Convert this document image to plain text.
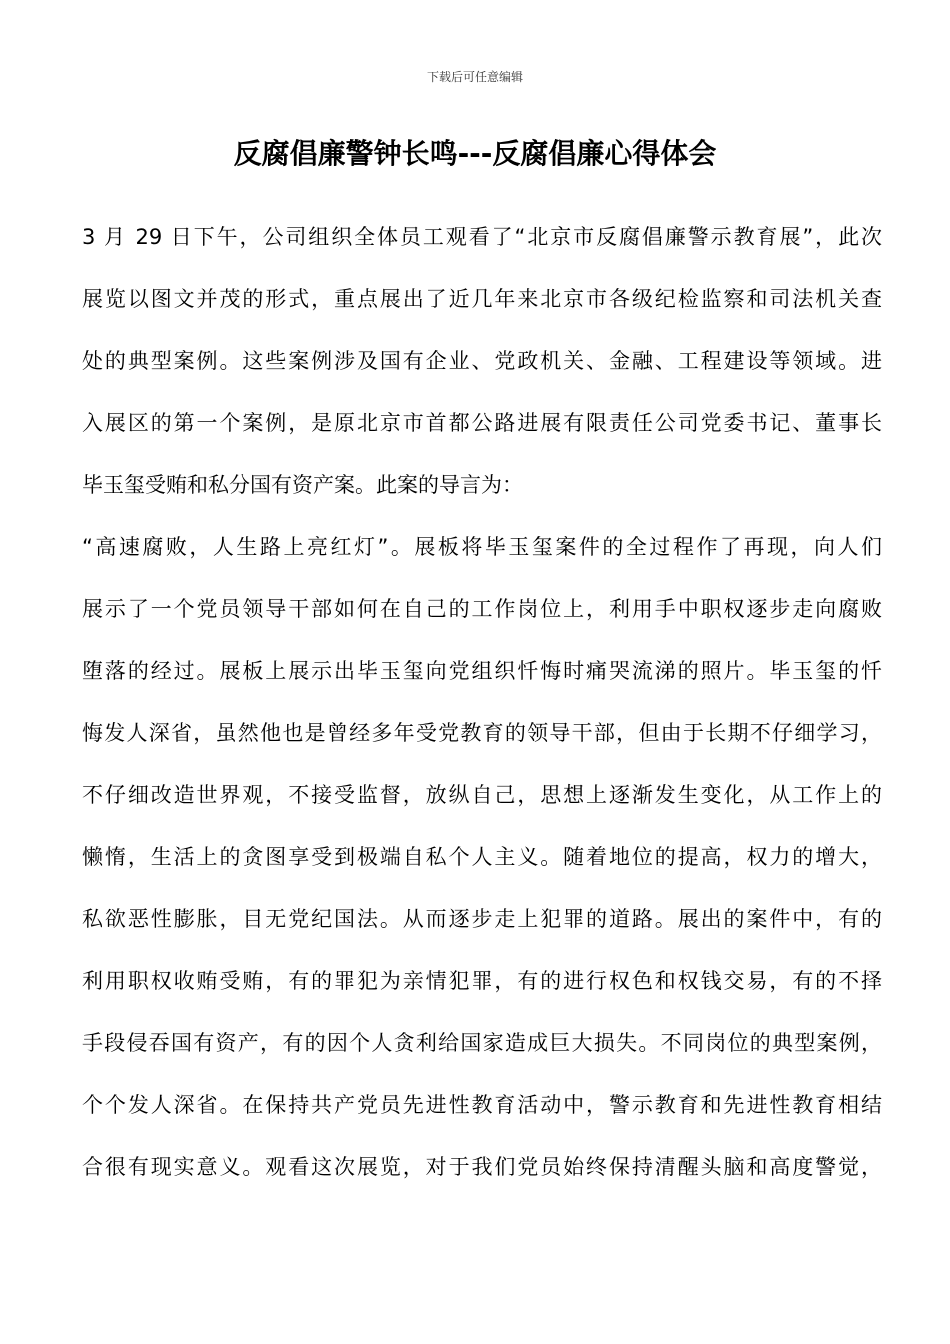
下载后可任意编辑
反腐倡廉警钟长鸣---反腐倡廉心得体会
3 月 29 日下午，公司组织全体员工观看了“北京市反腐倡廉警示教育展”，此次
展览以图文并茂的形式，重点展出了近几年来北京市各级纪检监察和司法机关查
处的典型案例。这些案例涉及国有企业、党政机关、金融、工程建设等领域。进
入展区的第一个案例，是原北京市首都公路进展有限责任公司党委书记、董事长
毕玉玺受贿和私分国有资产案。此案的导言为：
“高速腐败，人生路上亮红灯”。展板将毕玉玺案件的全过程作了再现，向人们
展示了一个党员领导干部如何在自己的工作岗位上，利用手中职权逐步走向腐败
堕落的经过。展板上展示出毕玉玺向党组织忏悔时痛哭流涕的照片。毕玉玺的忏
悔发人深省，虽然他也是曾经多年受党教育的领导干部，但由于长期不仔细学习，
不仔细改造世界观，不接受监督，放纵自己，思想上逐渐发生变化，从工作上的
懒惰，生活上的贪图享受到极端自私个人主义。随着地位的提高，权力的增大，
私欲恶性膨胀，目无党纪国法。从而逐步走上犯罪的道路。展出的案件中，有的
利用职权收贿受贿，有的罪犯为亲情犯罪，有的进行权色和权钱交易，有的不择
手段侵吞国有资产，有的因个人贪利给国家造成巨大损失。不同岗位的典型案例，
个个发人深省。在保持共产党员先进性教育活动中，警示教育和先进性教育相结
合很有现实意义。观看这次展览，对于我们党员始终保持清醒头脑和高度警觉，
